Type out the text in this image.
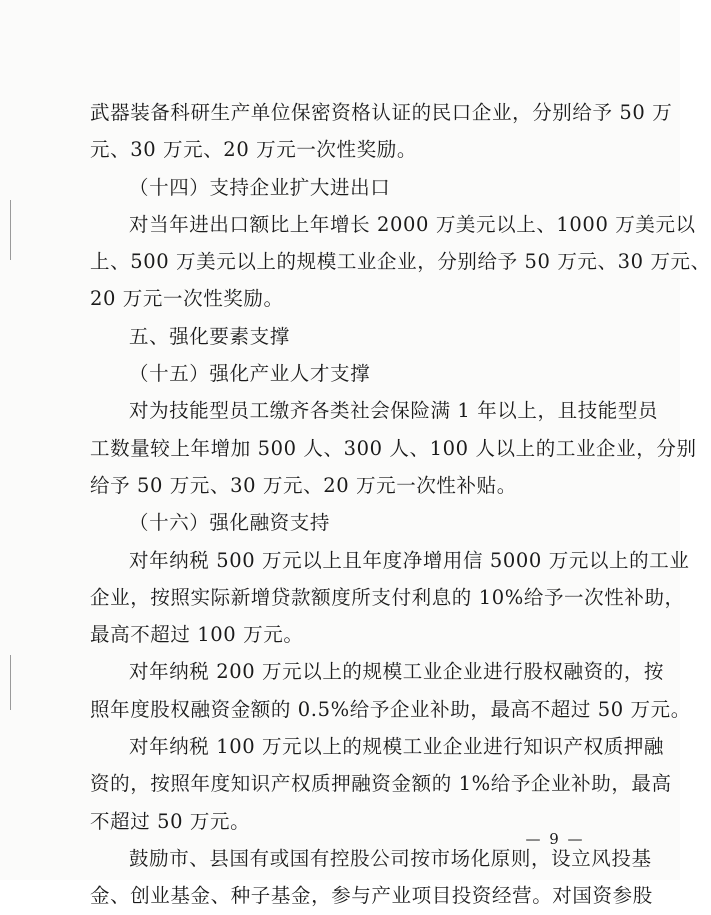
武器装备科研生产单位保密资格认证的民口企业，分别给予 50 万
元、30 万元、20 万元一次性奖励。
（十四）支持企业扩大进出口
对当年进出口额比上年增长 2000 万美元以上、1000 万美元以
上、500 万美元以上的规模工业企业，分别给予 50 万元、30 万元、
20 万元一次性奖励。
五、强化要素支撑
（十五）强化产业人才支撑
对为技能型员工缴齐各类社会保险满 1 年以上，且技能型员
工数量较上年增加 500 人、300 人、100 人以上的工业企业，分别
给予 50 万元、30 万元、20 万元一次性补贴。
（十六）强化融资支持
对年纳税 500 万元以上且年度净增用信 5000 万元以上的工业
企业，按照实际新增贷款额度所支付利息的 10%给予一次性补助，
最高不超过 100 万元。
对年纳税 200 万元以上的规模工业企业进行股权融资的，按
照年度股权融资金额的 0.5%给予企业补助，最高不超过 50 万元。
对年纳税 100 万元以上的规模工业企业进行知识产权质押融
资的，按照年度知识产权质押融资金额的 1%给予企业补助，最高
不超过 50 万元。
鼓励市、县国有或国有控股公司按市场化原则，设立风投基
金、创业基金、种子基金，参与产业项目投资经营。对国资参股
— 9 —
